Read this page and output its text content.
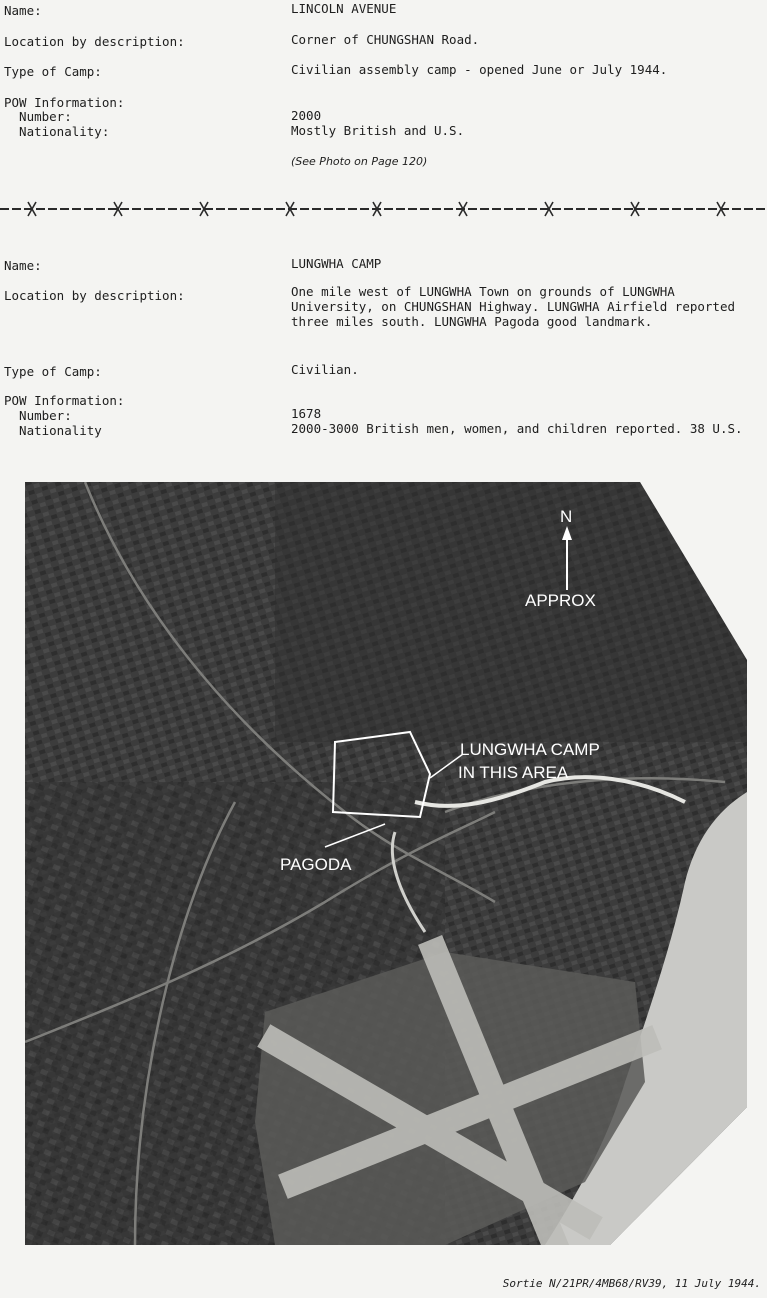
Name:	LINCOLN AVENUE
Location by description:	Corner of CHUNGSHAN Road.
Type of Camp:	Civilian assembly camp - opened June or July 1944.
POW Information:
Number:	2000
Nationality:	Mostly British and U.S.
(See Photo on Page 120)
Name:	LUNGWHA CAMP
Location by description:	One mile west of LUNGWHA Town on grounds of LUNGWHA University, on CHUNGSHAN Highway. LUNGWHA Airfield reported three miles south. LUNGWHA Pagoda good landmark.
Type of Camp:	Civilian.
POW Information:
Number:	1678
Nationality	2000-3000 British men, women, and children reported. 38 U.S.
N
APPROX
LUNGWHA CAMP
IN THIS AREA
PAGODA
Sortie N/21PR/4MB68/RV39, 11 July 1944.
